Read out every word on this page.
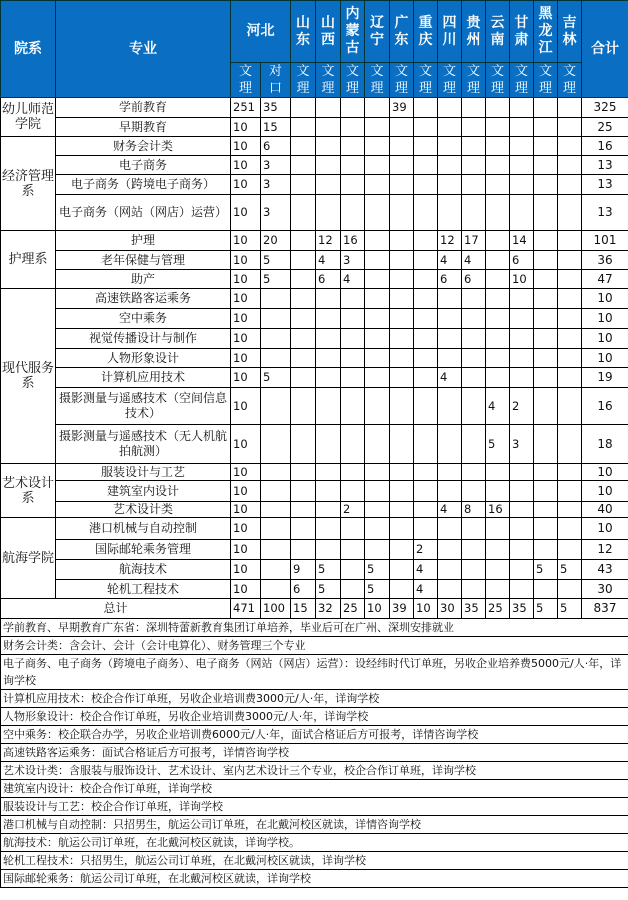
院系	专业	河北		山东	山西	内蒙古	辽宁	广东	重庆	四川	贵州	云南	甘肃	黑龙江	吉林	合计
		文理	对口	文理	文理	文理	文理	文理	文理	文理	文理	文理	文理	文理	文理	
幼儿师范学院	学前教育	251	35					39								325
	早期教育	10	15													25
经济管理系	财务会计类	10	6													16
	电子商务	10	3													13
	电子商务（跨境电子商务）	10	3													13
	电子商务（网站（网店）运营）	10	3													13
护理系	护理	10	20		12	16				12	17		14			101
	老年保健与管理	10	5		4	3				4	4		6			36
	助产	10	5		6	4				6	6		10			47
现代服务系	高速铁路客运乘务	10														10
	空中乘务	10														10
	视觉传播设计与制作	10														10
	人物形象设计	10														10
	计算机应用技术	10	5							4						19
	摄影测量与遥感技术（空间信息技术）	10										4	2			16
	摄影测量与遥感技术（无人机航拍航测）	10										5	3			18
艺术设计系	服装设计与工艺	10														10
	建筑室内设计	10														10
	艺术设计类	10				2				4	8	16				40
航海学院	港口机械与自动控制	10														10
	国际邮轮乘务管理	10							2							12
	航海技术	10		9	5		5		4					5	5	43
	轮机工程技术	10		6	5		5		4							30
总计		471	100	15	32	25	10	39	10	30	35	25	35	5	5	837
学前教育、早期教育广东省：深圳特蕾新教育集团订单培养，毕业后可在广州、深圳安排就业																
财务会计类：含会计、会计（会计电算化）、财务管理三个专业																
电子商务、电子商务（跨境电子商务）、电子商务（网站（网店）运营）：设经纬时代订单班，另收企业培养费5000元/人·年，详询学校																
计算机应用技术：校企合作订单班，另收企业培训费3000元/人·年，详询学校																
人物形象设计：校企合作订单班，另收企业培训费3000元/人·年，详询学校																
空中乘务：校企联合办学，另收企业培训费6000元/人·年，面试合格证后方可报考，详情咨询学校																
高速铁路客运乘务：面试合格证后方可报考，详情咨询学校																
艺术设计类：含服装与服饰设计、艺术设计、室内艺术设计三个专业，校企合作订单班，详询学校																
建筑室内设计：校企合作订单班，详询学校																
服装设计与工艺：校企合作订单班，详询学校																
港口机械与自动控制：只招男生，航运公司订单班，在北戴河校区就读，详情咨询学校																
航海技术：航运公司订单班，在北戴河校区就读，详询学校。																
轮机工程技术：只招男生，航运公司订单班，在北戴河校区就读，详询学校																
国际邮轮乘务：航运公司订单班，在北戴河校区就读，详询学校																
